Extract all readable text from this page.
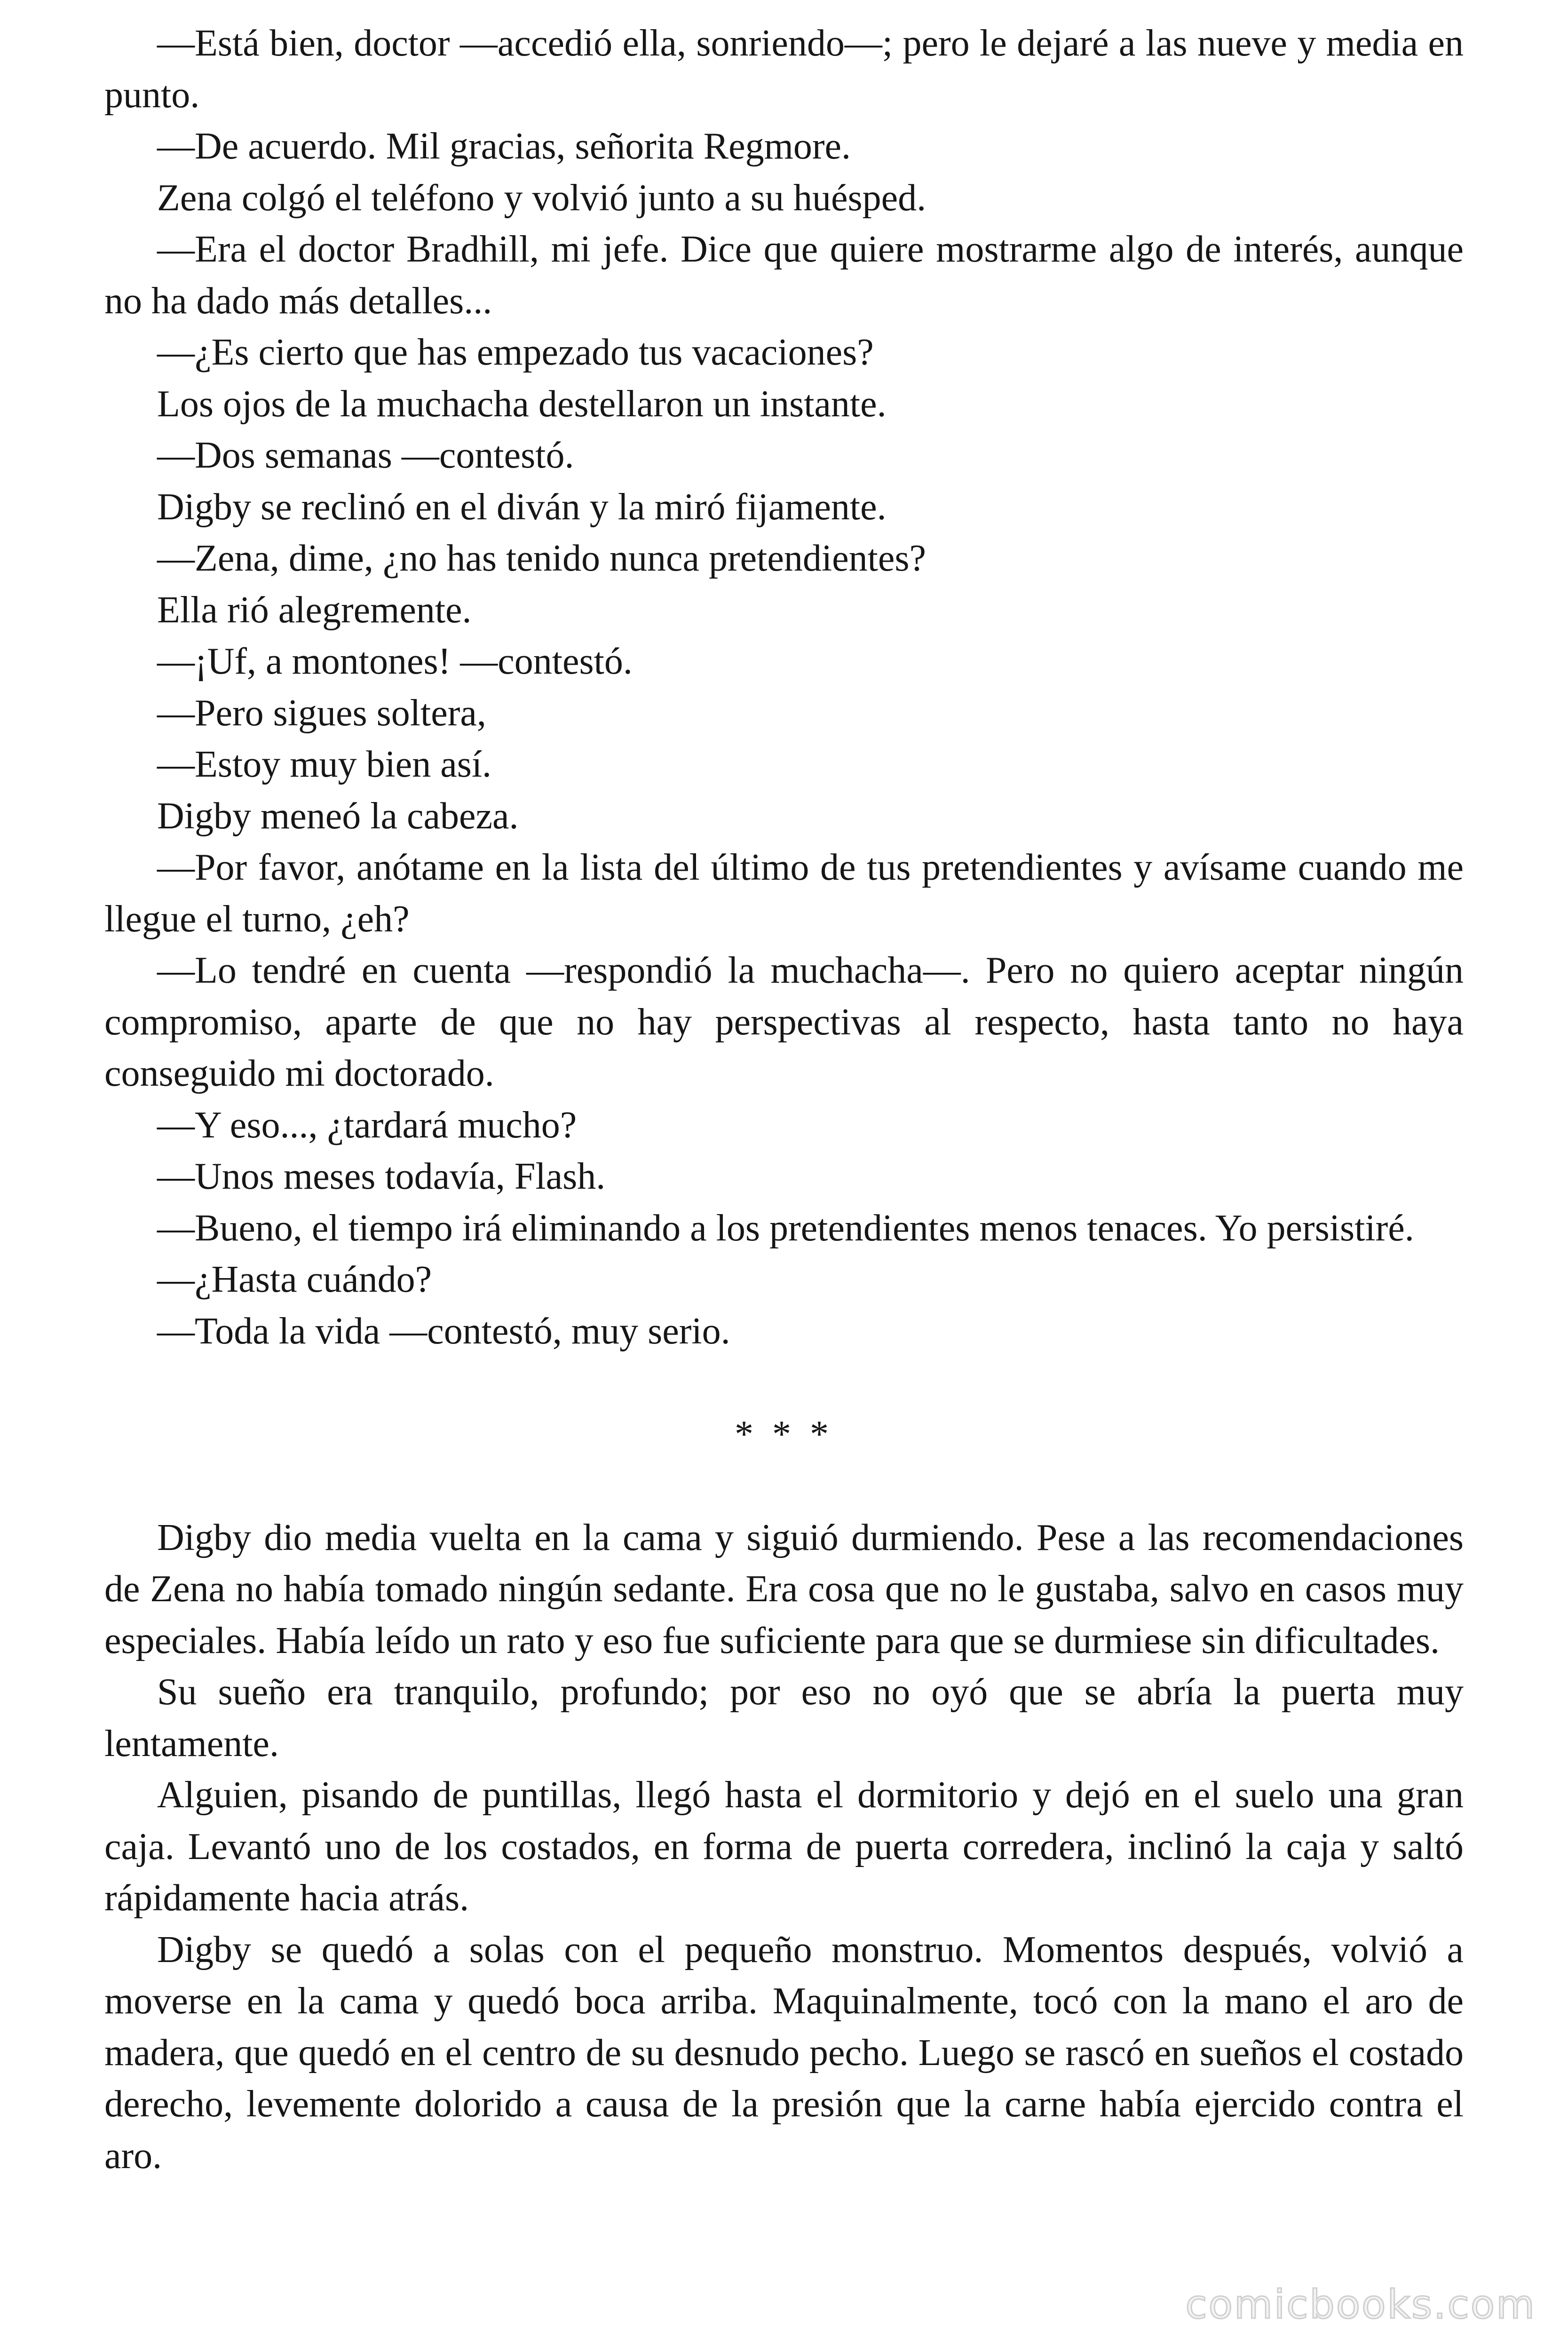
—Está bien, doctor —accedió ella, sonriendo—; pero le dejaré a las nueve y media en punto.

—De acuerdo. Mil gracias, señorita Regmore.

Zena colgó el teléfono y volvió junto a su huésped.

—Era el doctor Bradhill, mi jefe. Dice que quiere mostrarme algo de interés, aunque no ha dado más detalles...

—¿Es cierto que has empezado tus vacaciones?

Los ojos de la muchacha destellaron un instante.

—Dos semanas —contestó.

Digby se reclinó en el diván y la miró fijamente.

—Zena, dime, ¿no has tenido nunca pretendientes?

Ella rió alegremente.

—¡Uf, a montones! —contestó.

—Pero sigues soltera,

—Estoy muy bien así.

Digby meneó la cabeza.

—Por favor, anótame en la lista del último de tus pretendientes y avísame cuando me llegue el turno, ¿eh?

—Lo tendré en cuenta —respondió la muchacha—. Pero no quiero aceptar ningún compromiso, aparte de que no hay perspectivas al respecto, hasta tanto no haya conseguido mi doctorado.

—Y eso..., ¿tardará mucho?

—Unos meses todavía, Flash.

—Bueno, el tiempo irá eliminando a los pretendientes menos tenaces. Yo persistiré.

—¿Hasta cuándo?

—Toda la vida —contestó, muy serio.

* * *

Digby dio media vuelta en la cama y siguió durmiendo. Pese a las recomendaciones de Zena no había tomado ningún sedante. Era cosa que no le gustaba, salvo en casos muy especiales. Había leído un rato y eso fue suficiente para que se durmiese sin dificultades.

Su sueño era tranquilo, profundo; por eso no oyó que se abría la puerta muy lentamente.

Alguien, pisando de puntillas, llegó hasta el dormitorio y dejó en el suelo una gran caja. Levantó uno de los costados, en forma de puerta corredera, inclinó la caja y saltó rápidamente hacia atrás.

Digby se quedó a solas con el pequeño monstruo. Momentos después, volvió a moverse en la cama y quedó boca arriba. Maquinalmente, tocó con la mano el aro de madera, que quedó en el centro de su desnudo pecho. Luego se rascó en sueños el costado derecho, levemente dolorido a causa de la presión que la carne había ejercido contra el aro.

comicbooks.com
